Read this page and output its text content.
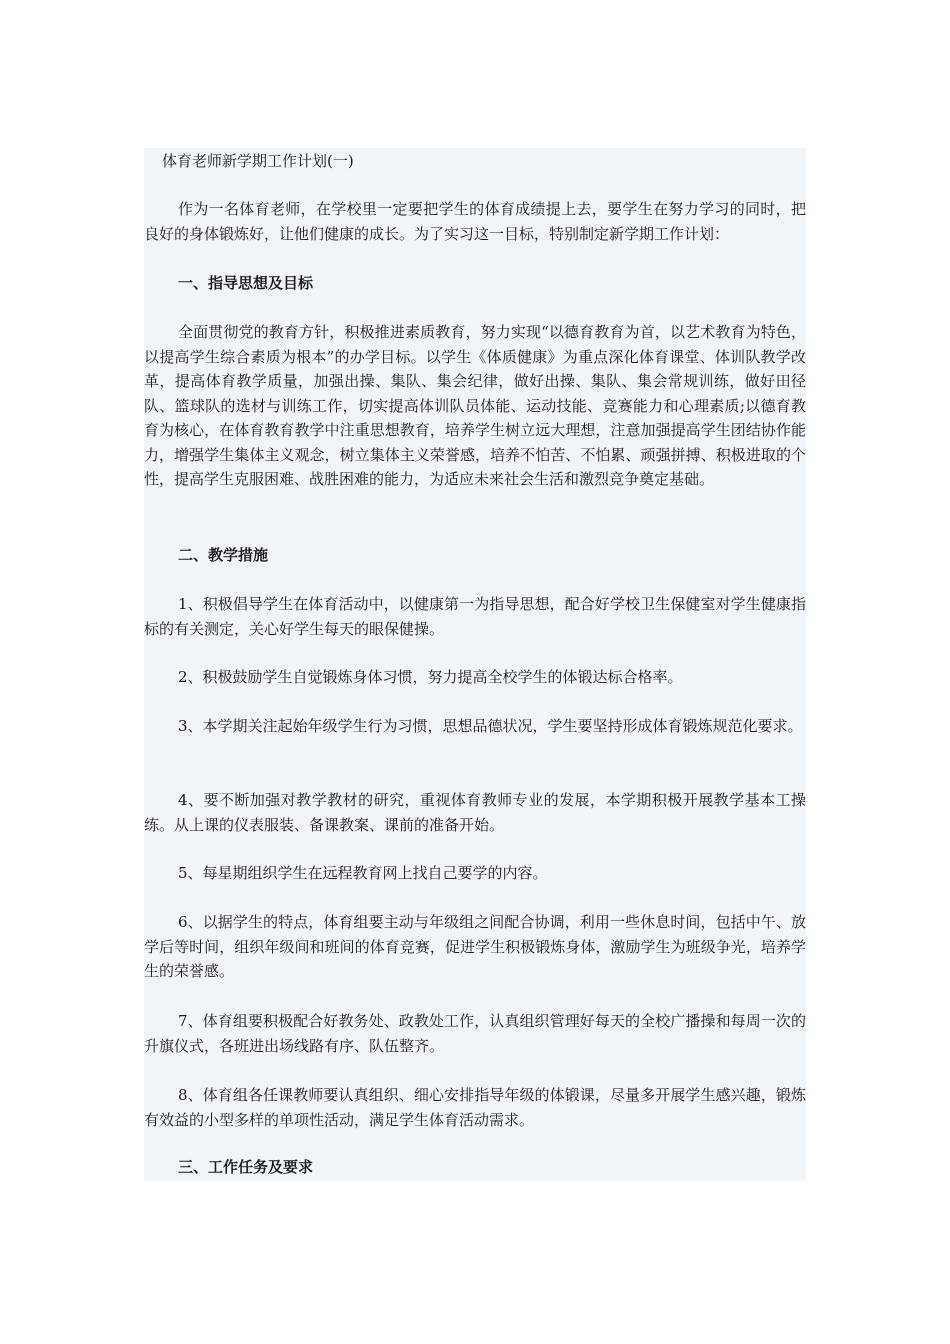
体育老师新学期工作计划(一)

作为一名体育老师，在学校里一定要把学生的体育成绩提上去，要学生在努力学习的同时，把良好的身体锻炼好，让他们健康的成长。为了实习这一目标，特别制定新学期工作计划：

一、指导思想及目标

全面贯彻党的教育方针，积极推进素质教育，努力实现“以德育教育为首，以艺术教育为特色，以提高学生综合素质为根本”的办学目标。以学生《体质健康》为重点深化体育课堂、体训队教学改革，提高体育教学质量，加强出操、集队、集会纪律，做好出操、集队、集会常规训练，做好田径队、篮球队的选材与训练工作，切实提高体训队员体能、运动技能、竞赛能力和心理素质;以德育教育为核心，在体育教育教学中注重思想教育，培养学生树立远大理想，注意加强提高学生团结协作能力，增强学生集体主义观念，树立集体主义荣誉感，培养不怕苦、不怕累、顽强拼搏、积极进取的个性，提高学生克服困难、战胜困难的能力，为适应未来社会生活和激烈竞争奠定基础。

二、教学措施

1、积极倡导学生在体育活动中，以健康第一为指导思想，配合好学校卫生保健室对学生健康指标的有关测定，关心好学生每天的眼保健操。

2、积极鼓励学生自觉锻炼身体习惯，努力提高全校学生的体锻达标合格率。

3、本学期关注起始年级学生行为习惯，思想品德状况，学生要坚持形成体育锻炼规范化要求。

4、要不断加强对教学教材的研究，重视体育教师专业的发展，本学期积极开展教学基本工操练。从上课的仪表服装、备课教案、课前的准备开始。

5、每星期组织学生在远程教育网上找自己要学的内容。

6、以据学生的特点，体育组要主动与年级组之间配合协调，利用一些休息时间，包括中午、放学后等时间，组织年级间和班间的体育竞赛，促进学生积极锻炼身体，激励学生为班级争光，培养学生的荣誉感。

7、体育组要积极配合好教务处、政教处工作，认真组织管理好每天的全校广播操和每周一次的升旗仪式，各班进出场线路有序、队伍整齐。

8、体育组各任课教师要认真组织、细心安排指导年级的体锻课，尽量多开展学生感兴趣，锻炼有效益的小型多样的单项性活动，满足学生体育活动需求。

三、工作任务及要求
